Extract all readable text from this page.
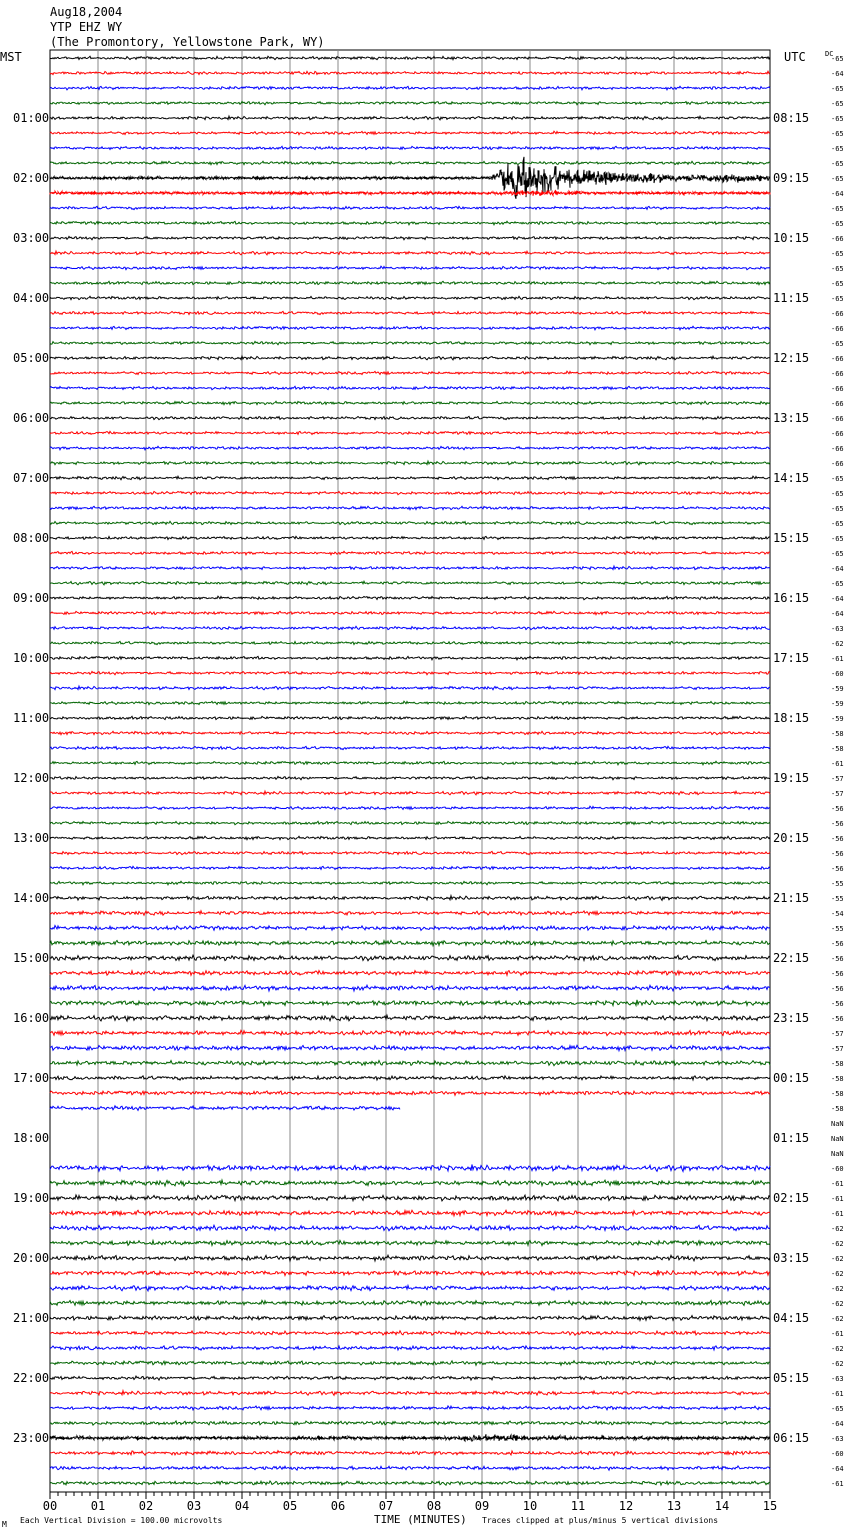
Aug18,2004
YTP EHZ WY
(The Promontory, Yellowstone Park, WY)
MST	UTC	DC
01:00
02:00
03:00
04:00
05:00
06:00
07:00
08:00
09:00
10:00
11:00
12:00
13:00
14:00
15:00
16:00
17:00
18:00
19:00
20:00
21:00
22:00
23:00
08:15
09:15
10:15
11:15
12:15
13:15
14:15
15:15
16:15
17:15
18:15
19:15
20:15
21:15
22:15
23:15
00:15
01:15
02:15
03:15
04:15
05:15
06:15
-65
-64
-65
-65
-65
-65
-65
-65
-65
-64
-65
-65
-66
-65
-65
-65
-65
-66
-66
-65
-66
-66
-66
-66
-66
-66
-66
-66
-65
-65
-65
-65
-65
-65
-64
-65
-64
-64
-63
-62
-61
-60
-59
-59
-59
-58
-58
-61
-57
-57
-56
-56
-56
-56
-56
-55
-55
-54
-55
-56
-56
-56
-56
-56
-56
-57
-57
-58
-58
-58
-58
NaN
NaN
NaN
-60
-61
-61
-61
-62
-62
-62
-62
-62
-62
-62
-61
-62
-62
-63
-61
-65
-64
-63
-60
-64
-61
00	01	02	03	04	05	06	07	08	09	10	11	12	13	14	15
TIME (MINUTES)
Each Vertical Division = 100.00 microvolts	Traces clipped at plus/minus 5 vertical divisions
M
